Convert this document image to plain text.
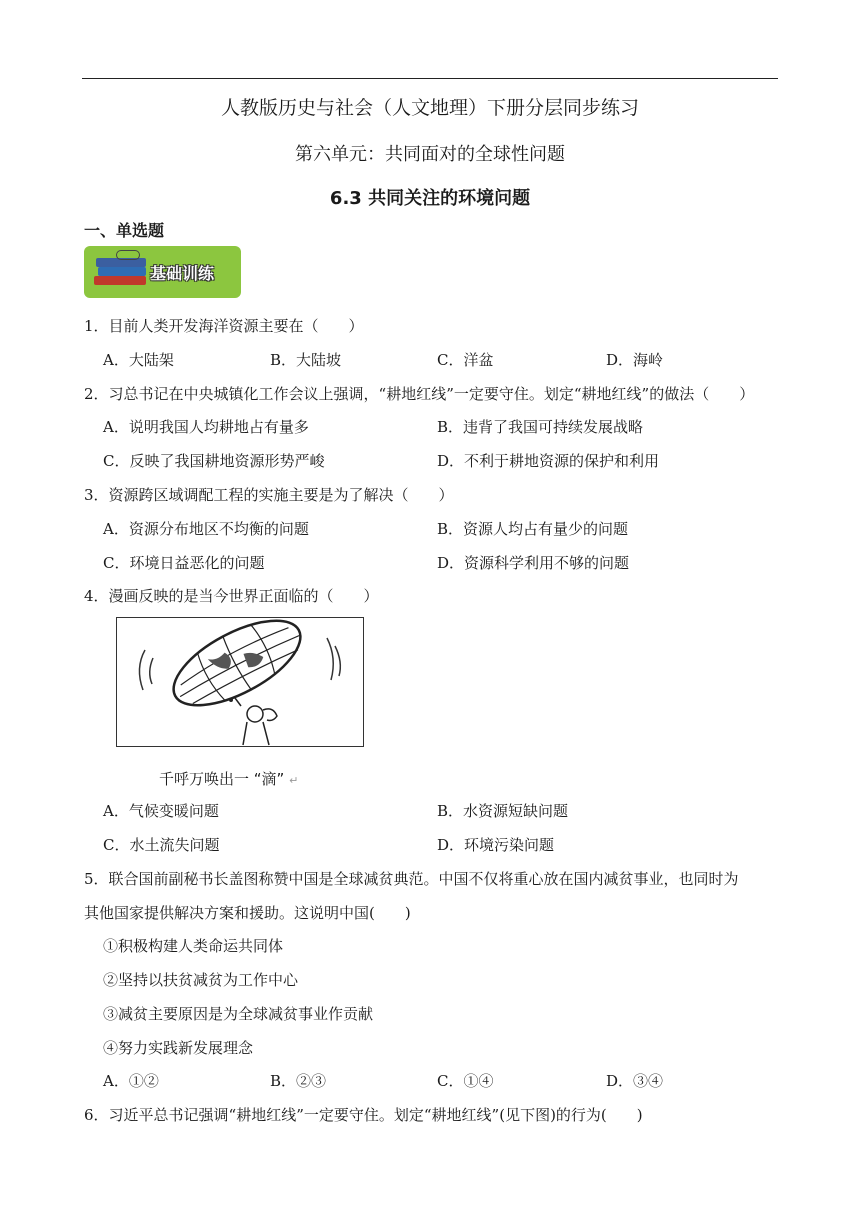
人教版历史与社会（人文地理）下册分层同步练习
第六单元：共同面对的全球性问题
6.3 共同关注的环境问题
一、单选题
基础训练
1．目前人类开发海洋资源主要在（　　）
A．大陆架	B．大陆坡	C．洋盆	D．海岭
2．习总书记在中央城镇化工作会议上强调，“耕地红线”一定要守住。划定“耕地红线”的做法（　　）
A．说明我国人均耕地占有量多	B．违背了我国可持续发展战略
C．反映了我国耕地资源形势严峻	D．不利于耕地资源的保护和利用
3．资源跨区域调配工程的实施主要是为了解决（　　）
A．资源分布地区不均衡的问题	B．资源人均占有量少的问题
C．环境日益恶化的问题	D．资源科学利用不够的问题
4．漫画反映的是当今世界正面临的（　　）
千呼万唤出一 “滴” ↵
A．气候变暖问题	B．水资源短缺问题
C．水土流失问题	D．环境污染问题
5．联合国前副秘书长盖图称赞中国是全球减贫典范。中国不仅将重心放在国内减贫事业，也同时为
其他国家提供解决方案和援助。这说明中国(　　)
①积极构建人类命运共同体
②坚持以扶贫减贫为工作中心
③减贫主要原因是为全球减贫事业作贡献
④努力实践新发展理念
A．①②	B．②③	C．①④	D．③④
6．习近平总书记强调“耕地红线”一定要守住。划定“耕地红线”(见下图)的行为(　　)
